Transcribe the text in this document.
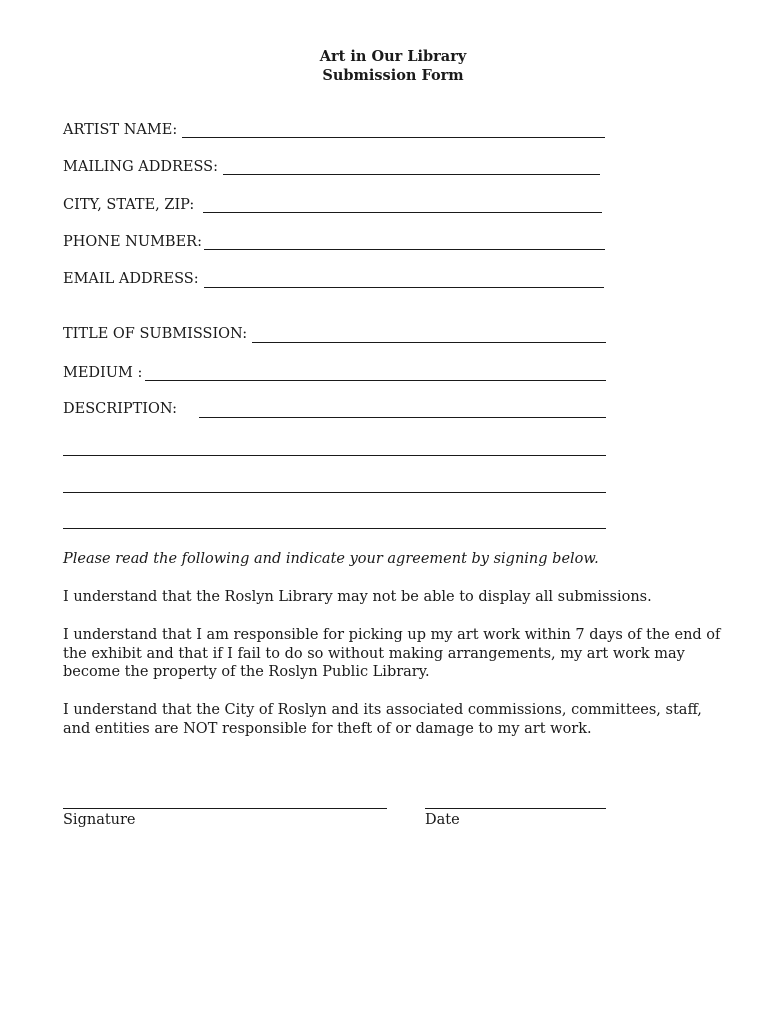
Art in Our Library
Submission Form
ARTIST NAME:
MAILING ADDRESS:
CITY, STATE, ZIP:
PHONE NUMBER:
EMAIL ADDRESS:
TITLE OF SUBMISSION:
MEDIUM :
DESCRIPTION:
Please read the following and indicate your agreement by signing below.
I understand that the Roslyn Library may not be able to display all submissions.
I understand that I am responsible for picking up my art work within 7 days of the end of the exhibit and that if I fail to do so without making arrangements, my art work may become the property of the Roslyn Public Library.
I understand that the City of Roslyn and its associated commissions, committees, staff, and entities are NOT responsible for theft of or damage to my art work.
Signature	Date
